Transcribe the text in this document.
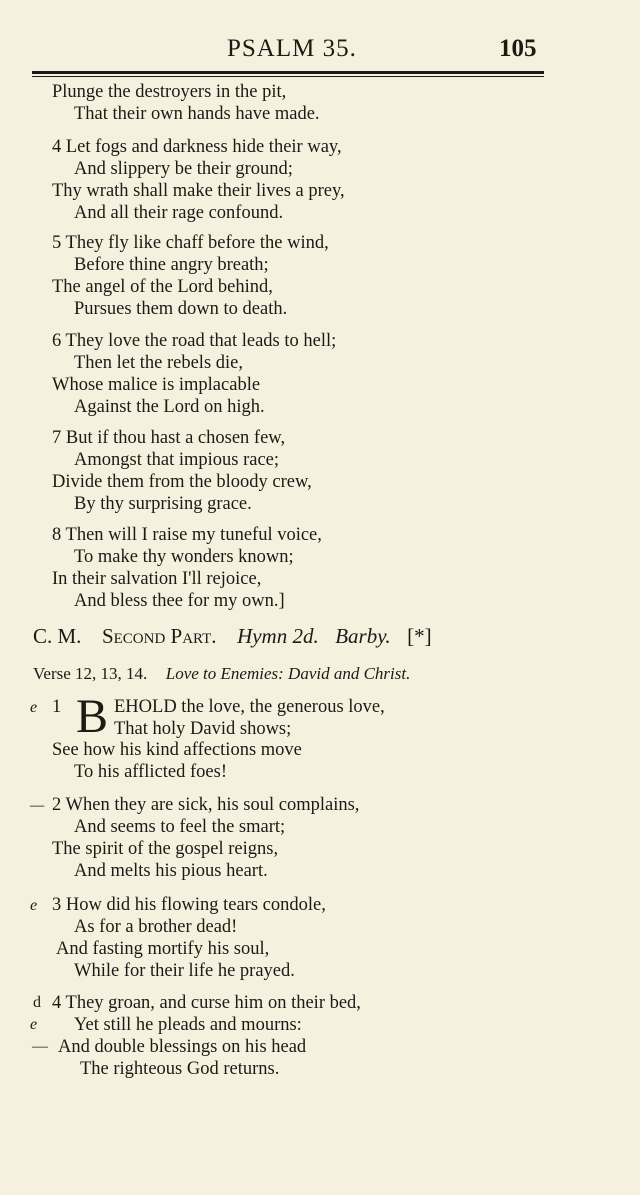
PSALM 35.	105
Plunge the destroyers in the pit,
That their own hands have made.
4 Let fogs and darkness hide their way,
And slippery be their ground;
Thy wrath shall make their lives a prey,
And all their rage confound.
5 They fly like chaff before the wind,
Before thine angry breath;
The angel of the Lord behind,
Pursues them down to death.
6 They love the road that leads to hell;
Then let the rebels die,
Whose malice is implacable
Against the Lord on high.
7 But if thou hast a chosen few,
Amongst that impious race;
Divide them from the bloody crew,
By thy surprising grace.
8 Then will I raise my tuneful voice,
To make thy wonders known;
In their salvation I'll rejoice,
And bless thee for my own.]
C. M. Second Part. Hymn 2d. Barby. [*]
Verse 12, 13, 14. Love to Enemies: David and Christ.
e 1 B EHOLD the love, the generous love,
That holy David shows;
See how his kind affections move
To his afflicted foes!
— 2 When they are sick, his soul complains,
And seems to feel the smart;
The spirit of the gospel reigns,
And melts his pious heart.
e 3 How did his flowing tears condole,
As for a brother dead!
And fasting mortify his soul,
While for their life he prayed.
d 4 They groan, and curse him on their bed,
e Yet still he pleads and mourns:
— And double blessings on his head
The righteous God returns.
